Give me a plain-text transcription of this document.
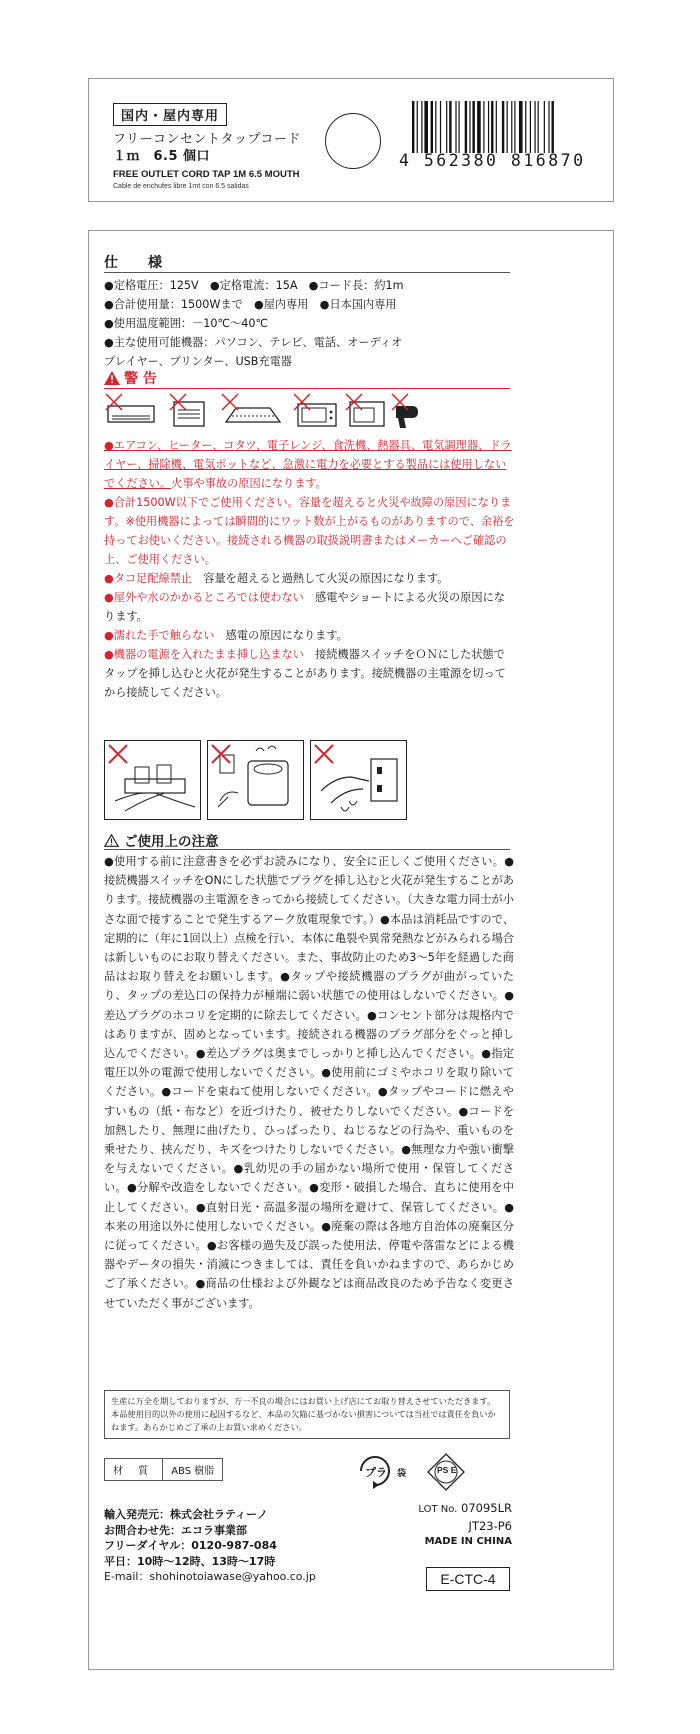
国内・屋内専用
フリーコンセントタップコード
１ｍ　6.5 個口
FREE OUTLET CORD TAP 1M 6.5 MOUTH
Cable de enchufes libre 1mt con 6.5 salidas
4 562380 816870
仕　様
●定格電圧：125V　●定格電流：15A　●コード長：約1m
●合計使用量：1500Wまで　●屋内専用　●日本国内専用
●使用温度範囲：－10℃～40℃
●主な使用可能機器：パソコン、テレビ、電話、オーディオ
プレイヤー、プリンター、USB充電器
警 告
●エアコン、ヒーター、コタツ、電子レンジ、食洗機、熱器具、電気調理器、ドライヤー、掃除機、電気ポットなど、急激に電力を必要とする製品には使用しないでください。火事や事故の原因になります。
●合計1500W以下でご使用ください。容量を超えると火災や故障の原因になります。※使用機器によっては瞬間的にワット数が上がるものがありますので、余裕を持ってお使いください。接続される機器の取扱説明書またはメーカーへご確認の上、ご使用ください。
●タコ足配線禁止　容量を超えると過熱して火災の原因になります。
●屋外や水のかかるところでは使わない　感電やショートによる火災の原因になります。
●濡れた手で触らない　感電の原因になります。
●機器の電源を入れたまま挿し込まない　接続機器スイッチをＯＮにした状態でタップを挿し込むと火花が発生することがあります。接続機器の主電源を切ってから接続してください。
ご使用上の注意
●使用する前に注意書きを必ずお読みになり、安全に正しくご使用ください。●接続機器スイッチをONにした状態でプラグを挿し込むと火花が発生することがあります。接続機器の主電源をきってから接続してください。（大きな電力同士が小さな面で接することで発生するアーク放電現象です。）●本品は消耗品ですので、定期的に（年に1回以上）点検を行い、本体に亀裂や異常発熱などがみられる場合は新しいものにお取り替えください。また、事故防止のため3～5年を経過した商品はお取り替えをお願いします。●タップや接続機器のプラグが曲がっていたり、タップの差込口の保持力が極端に弱い状態での使用はしないでください。●差込プラグのホコリを定期的に除去してください。●コンセント部分は規格内ではありますが、固めとなっています。接続される機器のプラグ部分をぐっと挿し込んでください。●差込プラグは奥までしっかりと挿し込んでください。●指定電圧以外の電源で使用しないでください。●使用前にゴミやホコリを取り除いてください。●コードを束ねて使用しないでください。●タップやコードに燃えやすいもの（紙・布など）を近づけたり、被せたりしないでください。●コードを加熱したり、無理に曲げたり、ひっぱったり、ねじるなどの行為や、重いものを乗せたり、挟んだり、キズをつけたりしないでください。●無理な力や強い衝撃を与えないでください。●乳幼児の手の届かない場所で使用・保管してください。●分解や改造をしないでください。●変形・破損した場合、直ちに使用を中止してください。●直射日光・高温多湿の場所を避けて、保管してください。●本来の用途以外に使用しないでください。●廃棄の際は各地方自治体の廃棄区分に従ってください。●お客様の過失及び誤った使用法、停電や落雷などによる機器やデータの損失・消滅につきましては、責任を負いかねますので、あらかじめご了承ください。●商品の仕様および外観などは商品改良のため予告なく変更させていただく事がございます。
生産に万全を期しておりますが、万一不良の場合にはお買い上げ店にてお取り替えさせていただきます。本品使用目的以外の使用に起因するなど、本品の欠陥に基づかない損害については当社では責任を負いかねます。あらかじめご了承の上お買い求めください。
材 質	ABS 樹脂	プラ 袋	PS E
輸入発売元：株式会社ラティーノ
お問合わせ先：エコラ事業部
フリーダイヤル：0120-987-084
平日：10時～12時、13時～17時
E-mail：shohinotoiawase@yahoo.co.jp
LOT No. 07095LR
JT23-P6
MADE IN CHINA
E-CTC-4
